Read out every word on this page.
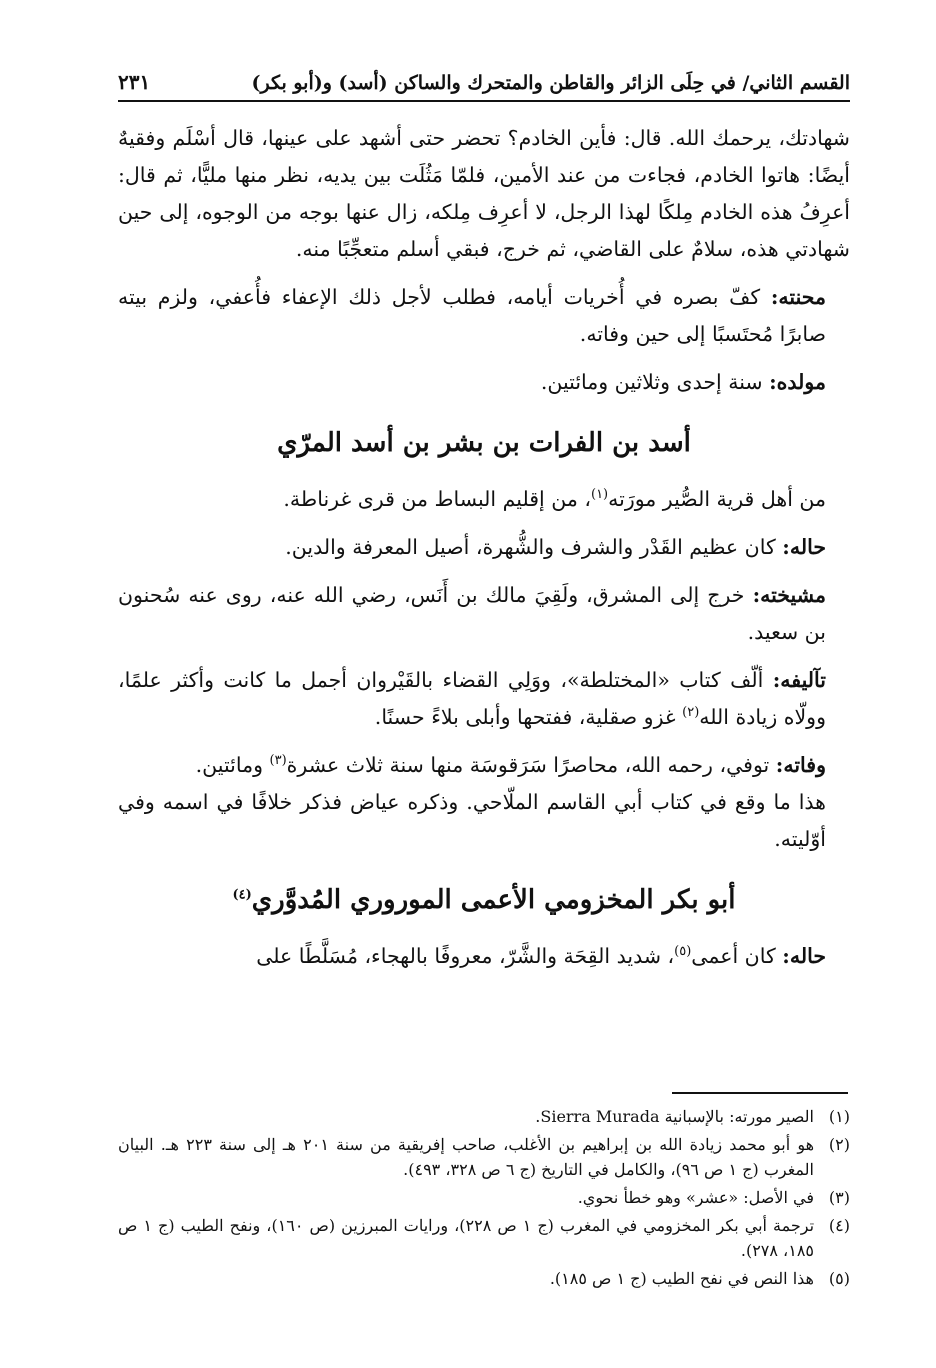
القسم الثاني/ في حِلَى الزائر والقاطن والمتحرك والساكن (أسد) و(أبو بكر)
٢٣١

شهادتك، يرحمك الله. قال: فأين الخادم؟ تحضر حتى أشهد على عينها، قال أسْلَم وفقيهٌ أيضًا: هاتوا الخادم، فجاءت من عند الأمين، فلمّا مَثُلَت بين يديه، نظر منها مليًّا، ثم قال: أعرِفُ هذه الخادم مِلكًا لهذا الرجل، لا أعرِف مِلكه، زال عنها بوجه من الوجوه، إلى حين شهادتي هذه، سلامٌ على القاضي، ثم خرج، فبقي أسلم متعجِّبًا منه.

محنته: كفّ بصره في أُخريات أيامه، فطلب لأجل ذلك الإعفاء فأُعفي، ولزم بيته صابرًا مُحتَسبًا إلى حين وفاته.

مولده: سنة إحدى وثلاثين ومائتين.

أسد بن الفرات بن بشر بن أسد المرّي

من أهل قرية الصُّير مورَته$^{(١)}$، من إقليم البساط من قرى غرناطة.

حاله: كان عظيم القَدْر والشرف والشُّهرة، أصيل المعرفة والدين.

مشيخته: خرج إلى المشرق، ولَقِيَ مالك بن أَنَس، رضي الله عنه، روى عنه سُحنون بن سعيد.

تآليفه: ألّف كتاب «المختلطة»، ووَلِي القضاء بالقَيْروان أجمل ما كانت وأكثر علمًا، وولّاه زيادة الله$^{(٢)}$ غزو صقلية، ففتحها وأبلى بلاءً حسنًا.

وفاته: توفي، رحمه الله، محاصرًا سَرَقوسَة منها سنة ثلاث عشرة$^{(٣)}$ ومائتين.
هذا ما وقع في كتاب أبي القاسم الملّاحي. وذكره عياض فذكر خلافًا في اسمه وفي أوّليته.

أبو بكر المخزومي الأعمى الموروري المُدوَّري$^{(٤)}$

حاله: كان أعمى$^{(٥)}$، شديد القِحَة والشَّرّ، معروفًا بالهجاء، مُسَلَّطًا على

(١)
الصير مورته: بالإسبانية Sierra Murada.
(٢)
هو أبو محمد زيادة الله بن إبراهيم بن الأغلب، صاحب إفريقية من سنة ٢٠١ هـ إلى سنة ٢٢٣ هـ. البيان المغرب (ج ١ ص ٩٦)، والكامل في التاريخ (ج ٦ ص ٣٢٨، ٤٩٣).
(٣)
في الأصل: «عشر» وهو خطأ نحوي.
(٤)
ترجمة أبي بكر المخزومي في المغرب (ج ١ ص ٢٢٨)، ورايات المبرزين (ص ١٦٠)، ونفح الطيب (ج ١ ص ١٨٥، ٢٧٨).
(٥)
هذا النص في نفح الطيب (ج ١ ص ١٨٥).
